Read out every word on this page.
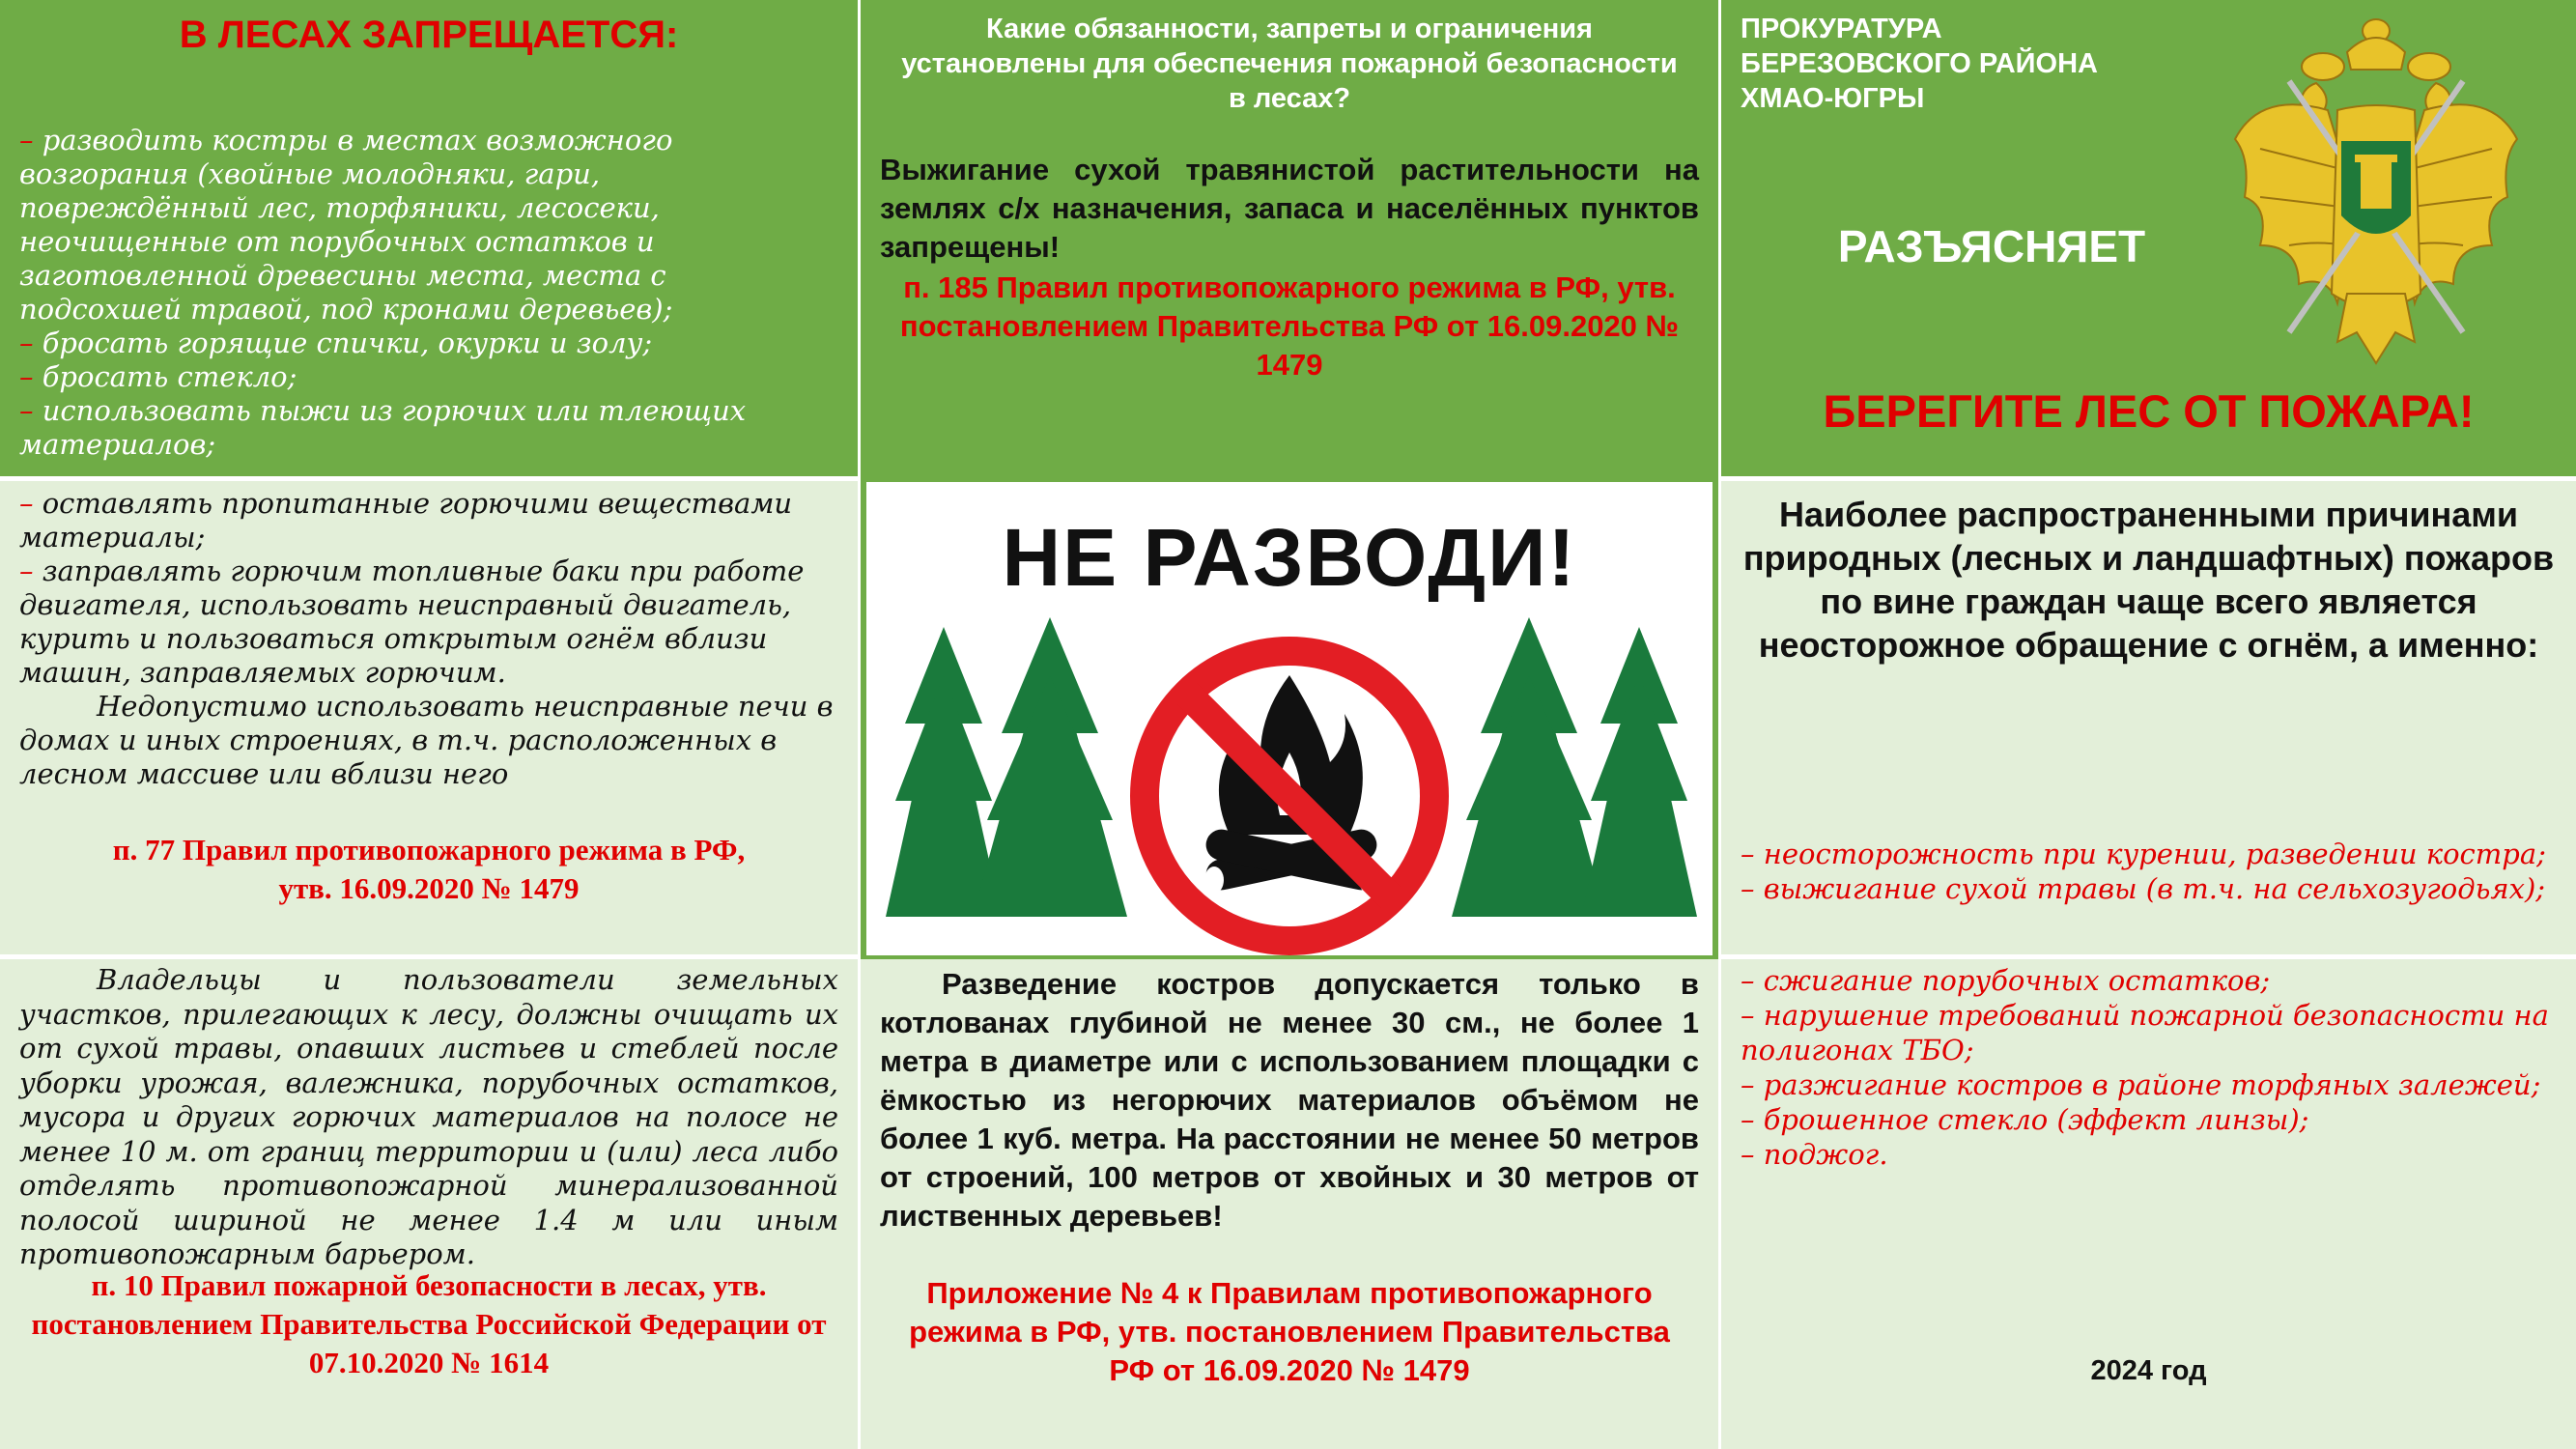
В ЛЕСАХ ЗАПРЕЩАЕТСЯ:
– разводить костры в местах возможного возгорания (хвойные молодняки, гари, повреждённый лес, торфяники, лесосеки, неочищенные от порубочных остатков и заготовленной древесины места, места с подсохшей травой, под кронами деревьев);
– бросать горящие спички, окурки и золу;
– бросать стекло;
– использовать пыжи из горючих или тлеющих материалов;
Какие обязанности, запреты и ограничения установлены для обеспечения пожарной безопасности в лесах?
Выжигание сухой травянистой растительности на землях с/х назначения, запаса и населённых пунктов запрещены!
п. 185 Правил противопожарного режима в РФ, утв. постановлением Правительства РФ от 16.09.2020 № 1479
ПРОКУРАТУРА
БЕРЕЗОВСКОГО РАЙОНА
ХМАО-ЮГРЫ
РАЗЪЯСНЯЕТ
БЕРЕГИТЕ ЛЕС ОТ ПОЖАРА!
– оставлять пропитанные горючими веществами материалы;
– заправлять горючим топливные баки при работе двигателя, использовать неисправный двигатель, курить и пользоваться открытым огнём вблизи машин, заправляемых горючим.
Недопустимо использовать неисправные печи в домах и иных строениях, в т.ч. расположенных в лесном массиве или вблизи него
п. 77 Правил противопожарного режима в РФ,
утв. 16.09.2020 № 1479
НЕ РАЗВОДИ!	Наиболее распространенными причинами природных (лесных и ландшафтных) пожаров по вине граждан чаще всего является неосторожное обращение с огнём, а именно:
– неосторожность при курении, разведении костра;
– выжигание сухой травы (в т.ч. на сельхозугодьях);
Владельцы и пользователи земельных участков, прилегающих к лесу, должны очищать их от сухой травы, опавших листьев и стеблей после уборки урожая, валежника, порубочных остатков, мусора и других горючих материалов на полосе не менее 10 м. от границ территории и (или) леса либо отделять противопожарной минерализованной полосой шириной не менее 1.4 м или иным противопожарным барьером.
п. 10 Правил пожарной безопасности в лесах, утв. постановлением Правительства Российской Федерации от 07.10.2020 № 1614
Разведение костров допускается только в котлованах глубиной не менее 30 см., не более 1 метра в диаметре или с использованием площадки с ёмкостью из негорючих материалов объёмом не более 1 куб. метра. На расстоянии не менее 50 метров от строений, 100 метров от хвойных и 30 метров от лиственных деревьев!
Приложение № 4 к Правилам противопожарного режима в РФ, утв. постановлением Правительства РФ от 16.09.2020 № 1479
– сжигание порубочных остатков;
– нарушение требований пожарной безопасности на полигонах ТБО;
– разжигание костров в районе торфяных залежей;
– брошенное стекло (эффект линзы);
– поджог.
2024 год
